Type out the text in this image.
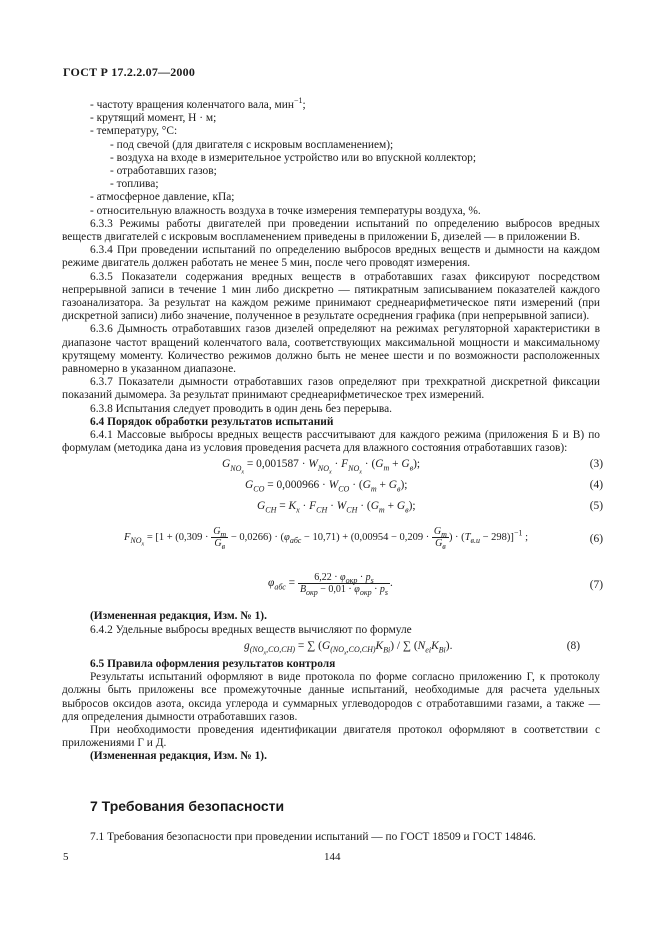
ГОСТ Р 17.2.2.07—2000

- частоту вращения коленчатого вала, мин$^{-1}$;

- крутящий момент, Н · м;

- температуру, °С:

- под свечой (для двигателя с искровым воспламенением);

- воздуха на входе в измерительное устройство или во впускной коллектор;

- отработавших газов;

- топлива;

- атмосферное давление, кПа;

- относительную влажность воздуха в точке измерения температуры воздуха, %.

6.3.3 Режимы работы двигателей при проведении испытаний по определению выбросов вредных веществ двигателей с искровым воспламенением приведены в приложении Б, дизелей — в приложении В.

6.3.4 При проведении испытаний по определению выбросов вредных веществ и дымности на каждом режиме двигатель должен работать не менее 5 мин, после чего проводят измерения.

6.3.5 Показатели содержания вредных веществ в отработавших газах фиксируют посредством непрерывной записи в течение 1 мин либо дискретно — пятикратным записыванием показателей каждого газоанализатора. За результат на каждом режиме принимают среднеарифметическое пяти измерений (при дискретной записи) либо значение, полученное в результате осреднения графика (при непрерывной записи).

6.3.6 Дымность отработавших газов дизелей определяют на режимах регуляторной характеристики в диапазоне частот вращений коленчатого вала, соответствующих максимальной мощности и максимальному крутящему моменту. Количество режимов должно быть не менее шести и по возможности расположенных равномерно в указанном диапазоне.

6.3.7 Показатели дымности отработавших газов определяют при трехкратной дискретной фиксации показаний дымомера. За результат принимают среднеарифметическое трех измерений.

6.3.8 Испытания следует проводить в один день без перерыва.

6.4 Порядок обработки результатов испытаний

6.4.1 Массовые выбросы вредных веществ рассчитывают для каждого режима (приложения Б и В) по формулам (методика дана из условия проведения расчета для влажного состояния отработавших газов):

$G_{NO_x} = 0,001587 \cdot W_{NO_x} \cdot F_{NO_x} \cdot (G_т + G_в)$;	(3)
$G_{CO} = 0,000966 \cdot W_{CO} \cdot (G_т + G_в)$;	(4)
$G_{CH} = K_x \cdot F_{CH} \cdot W_{CH} \cdot (G_т + G_в)$;	(5)
$F_{NO_x} = [1 + (0,309 \cdot \frac{G_т}{G_в} - 0,0266) \cdot (\varphi_{абс} - 10,71) + (0,00954 - 0,209 \cdot \frac{G_т}{G_в}$ ) · $(T_{в.и} - 298)]^{-1}$ ;	(6)
$\varphi_{абс} = \frac{6,22 \cdot \varphi_{окр} \cdot p_s}{B_{окр} - 0,01 \cdot \varphi_{окр} \cdot p_s}$ .	(7)

(Измененная редакция, Изм. № 1).

6.4.2 Удельные выбросы вредных веществ вычисляют по формуле

$g_{(NO_x,CO,CH)}$ = ∑ $(G_{(NO_x,CO,CH)}K_{Bi})$ / ∑ $(N_{ei}K_{Bi})$.	(8)

6.5 Правила оформления результатов контроля

Результаты испытаний оформляют в виде протокола по форме согласно приложению Г, к протоколу должны быть приложены все промежуточные данные испытаний, необходимые для расчета удельных выбросов оксидов азота, оксида углерода и суммарных углеводородов с отработавшими газами, а также — для определения дымности отработавших газов.

При необходимости проведения идентификации двигателя протокол оформляют в соответствии с приложениями Г и Д.

(Измененная редакция, Изм. № 1).

7 Требования безопасности
7.1 Требования безопасности при проведении испытаний — по ГОСТ 18509 и ГОСТ 14846.
5	144
